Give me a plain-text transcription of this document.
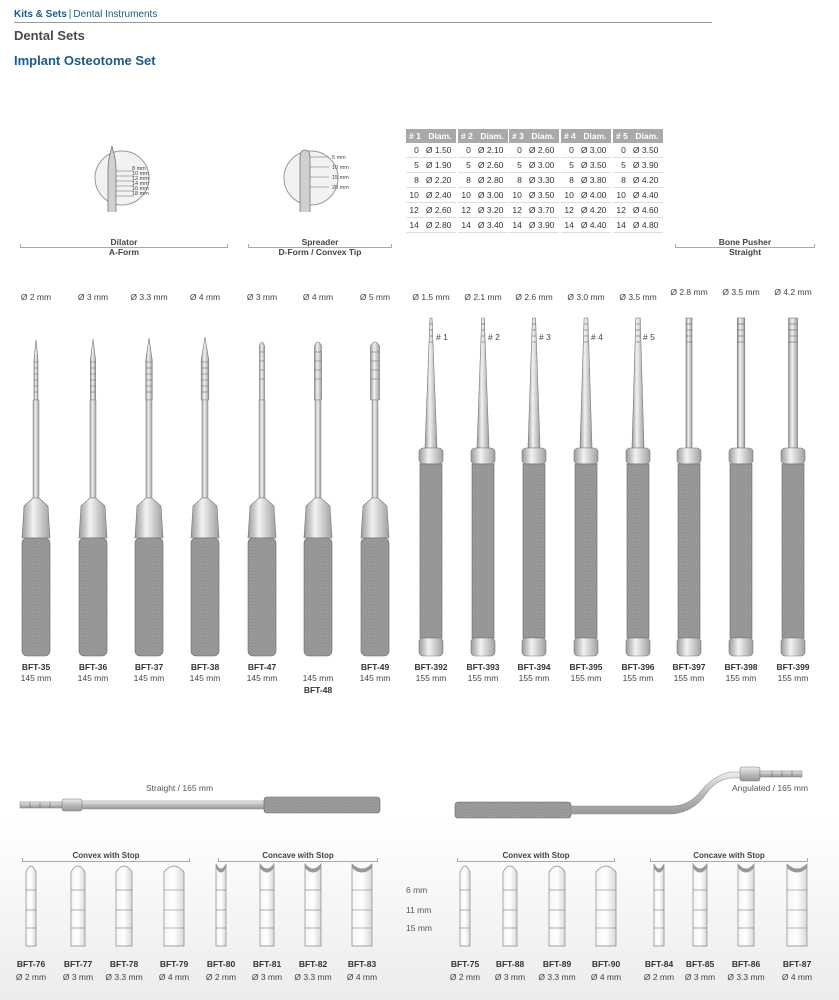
Kits & Sets | Dental Instruments
Dental Sets
Implant Osteotome Set
8 mm
10 mm
12 mm
14 mm
16 mm
18 mm
5 mm
10 mm
15 mm
20 mm
# 1	Diam.
0	Ø 1.50
5	Ø 1.90
8	Ø 2.20
10	Ø 2.40
12	Ø 2.60
14	Ø 2.80
# 2	Diam.
0	Ø 2.10
5	Ø 2.60
8	Ø 2.80
10	Ø 3.00
12	Ø 3.20
14	Ø 3.40
# 3	Diam.
0	Ø 2.60
5	Ø 3.00
8	Ø 3.30
10	Ø 3.50
12	Ø 3.70
14	Ø 3.90
# 4	Diam.
0	Ø 3.00
5	Ø 3.50
8	Ø 3.80
10	Ø 4.00
12	Ø 4.20
14	Ø 4.40
# 5	Diam.
0	Ø 3.50
5	Ø 3.90
8	Ø 4.20
10	Ø 4.40
12	Ø 4.60
14	Ø 4.80
Dilator
A-Form
Spreader
D-Form / Convex Tip
Bone Pusher
Straight
Ø 2 mm
BFT-35
145 mm
Ø 3 mm
BFT-36
145 mm
Ø 3.3 mm
BFT-37
145 mm
Ø 4 mm
BFT-38
145 mm
Ø 3 mm
BFT-47
145 mm
Ø 4 mm
BFT-48
145 mm
Ø 5 mm
BFT-49
145 mm
Ø 1.5 mm
# 1
BFT-392
155 mm
Ø 2.1 mm
# 2
BFT-393
155 mm
Ø 2.6 mm
# 3
BFT-394
155 mm
Ø 3.0 mm
# 4
BFT-395
155 mm
Ø 3.5 mm
# 5
BFT-396
155 mm
Ø 2.8 mm
BFT-397
155 mm
Ø 3.5 mm
BFT-398
155 mm
Ø 4.2 mm
BFT-399
155 mm
Straight / 165 mm	Angulated / 165 mm
Convex with Stop	Concave with Stop	Convex with Stop	Concave with Stop
6 mm
11 mm
15 mm
BFT-76
Ø 2 mm
BFT-77
Ø 3 mm
BFT-78
Ø 3.3 mm
BFT-79
Ø 4 mm
BFT-80
Ø 2 mm
BFT-81
Ø 3 mm
BFT-82
Ø 3.3 mm
BFT-83
Ø 4 mm
BFT-75
Ø 2 mm
BFT-88
Ø 3 mm
BFT-89
Ø 3.3 mm
BFT-90
Ø 4 mm
BFT-84
Ø 2 mm
BFT-85
Ø 3 mm
BFT-86
Ø 3.3 mm
BFT-87
Ø 4 mm
